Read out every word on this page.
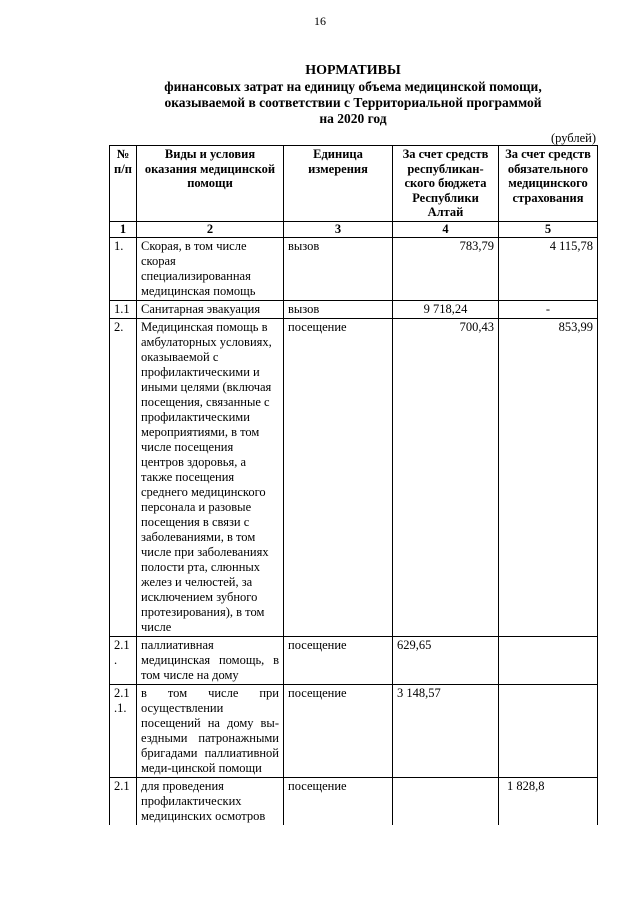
16
НОРМАТИВЫ
финансовых затрат на единицу объема медицинской помощи,
оказываемой в соответствии с Территориальной программой
на 2020 год
(рублей)
№ п/п	Виды и условия оказания медицинской помощи	Единица измерения	За счет средств республикан-ского бюджета Республики Алтай	За счет средств обязательного медицинского страхования
1	2	3	4	5
1.	Скорая, в том числе скорая специализированная медицинская помощь	вызов	783,79	4 115,78
1.1	Санитарная эвакуация	вызов	9 718,24	-
2.	Медицинская помощь в амбулаторных условиях, оказываемой с профилактическими и иными целями (включая посещения, связанные с профилактическими мероприятиями, в том числе посещения центров здоровья, а также посещения среднего медицинского персонала и разовые посещения в связи с заболеваниями, в том числе при заболеваниях полости рта, слюнных желез и челюстей, за исключением зубного протезирования), в том числе	посещение	700,43	853,99
2.1 .	паллиативная медицинская помощь, в том числе на дому	посещение	629,65	
2.1 .1.	в том числе при осуществлении посещений на дому вы-ездными патронажными бригадами паллиативной меди-цинской помощи	посещение	3 148,57	
2.1	для проведения профилактических медицинских осмотров	посещение		1 828,8
